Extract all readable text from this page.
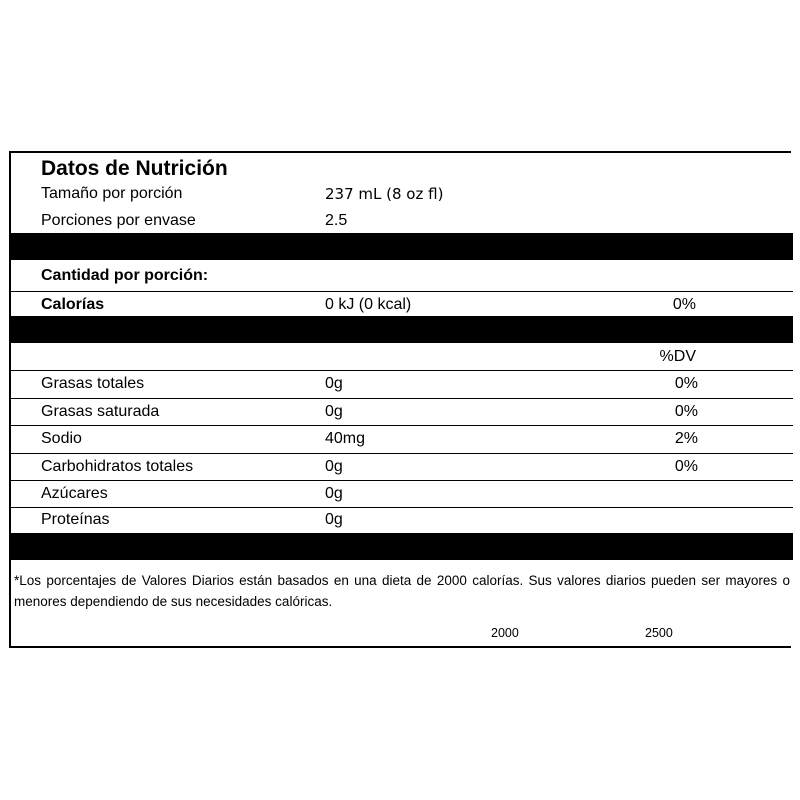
Datos de Nutrición
Tamaño por porción	237 mL (8 oz fl)
Porciones por envase	2.5
Cantidad por porción:
Calorías	0 kJ (0 kcal)	0%
%DV
Grasas totales	0g	0%
Grasas saturada	0g	0%
Sodio	40mg	2%
Carbohidratos totales	0g	0%
Azúcares	0g
Proteínas	0g
*Los porcentajes de Valores Diarios están basados en una dieta de 2000 calorías. Sus valores diarios pueden ser mayores o menores dependiendo de sus necesidades calóricas.
2000	2500
